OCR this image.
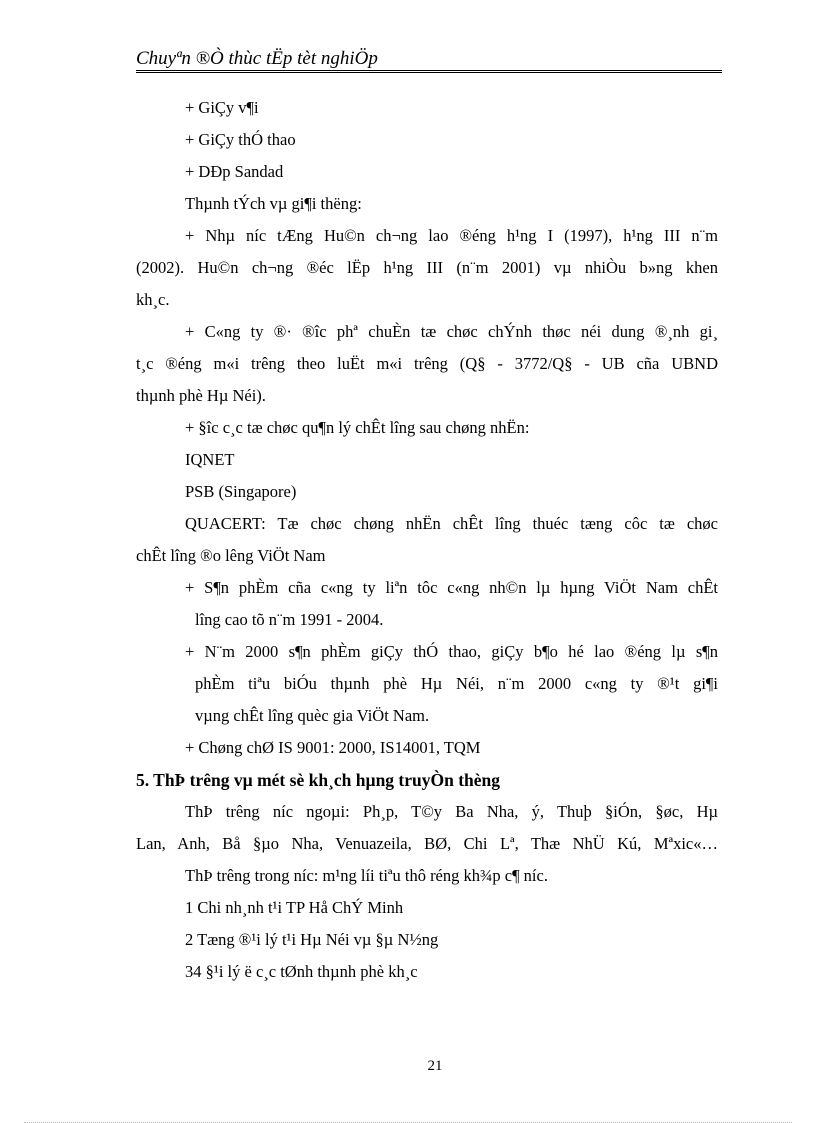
Chuyªn ®Ò thùc tËp tèt nghiÖp
+ GiÇy v¶i
+ GiÇy thÓ thao
+ DÐp Sandad
Thµnh tÝch vµ gi¶i thëng:
+ Nhµ níc tÆng Hu©n ch¬ng lao ®éng h¹ng I (1997), h¹ng III n¨m
(2002). Hu©n ch¬ng ®éc lËp h¹ng III (n¨m 2001) vµ nhiÒu b»ng khen
kh¸c.
+ C«ng ty ®· ®îc phª chuÈn tæ chøc chÝnh thøc néi dung ®¸nh gi¸
t¸c ®éng m«i trêng theo luËt m«i trêng (Q§ - 3772/Q§ - UB cña UBND
thµnh phè Hµ Néi).
+ §îc c¸c tæ chøc qu¶n lý chÊt lîng sau chøng nhËn:
IQNET
PSB (Singapore)
QUACERT: Tæ chøc chøng nhËn chÊt lîng thuéc tæng côc tæ chøc
chÊt lîng ®o lêng ViÖt Nam
+ S¶n phÈm cña c«ng ty liªn tôc c«ng nh©n lµ hµng ViÖt Nam chÊt
lîng cao tõ n¨m 1991 - 2004.
+ N¨m 2000 s¶n phÈm giÇy thÓ thao, giÇy b¶o hé lao ®éng lµ s¶n
phÈm tiªu biÓu thµnh phè Hµ Néi, n¨m 2000 c«ng ty ®¹t gi¶i
vµng chÊt lîng quèc gia ViÖt Nam.
+ Chøng chØ IS 9001: 2000, IS14001, TQM
5. ThÞ trêng vµ mét sè kh¸ch hµng truyÒn thèng
ThÞ trêng níc ngoµi: Ph¸p, T©y Ba Nha, ý, Thuþ §iÓn, §øc, Hµ
Lan, Anh, Bå §µo Nha, Venuazeila, BØ, Chi Lª, Thæ NhÜ Kú, Mªxic«…
ThÞ trêng trong níc: m¹ng líi tiªu thô réng kh¾p c¶ níc.
1 Chi nh¸nh t¹i TP Hå ChÝ Minh
2 Tæng ®¹i lý t¹i Hµ Néi vµ §µ N½ng
34 §¹i lý ë c¸c tØnh thµnh phè kh¸c
21
